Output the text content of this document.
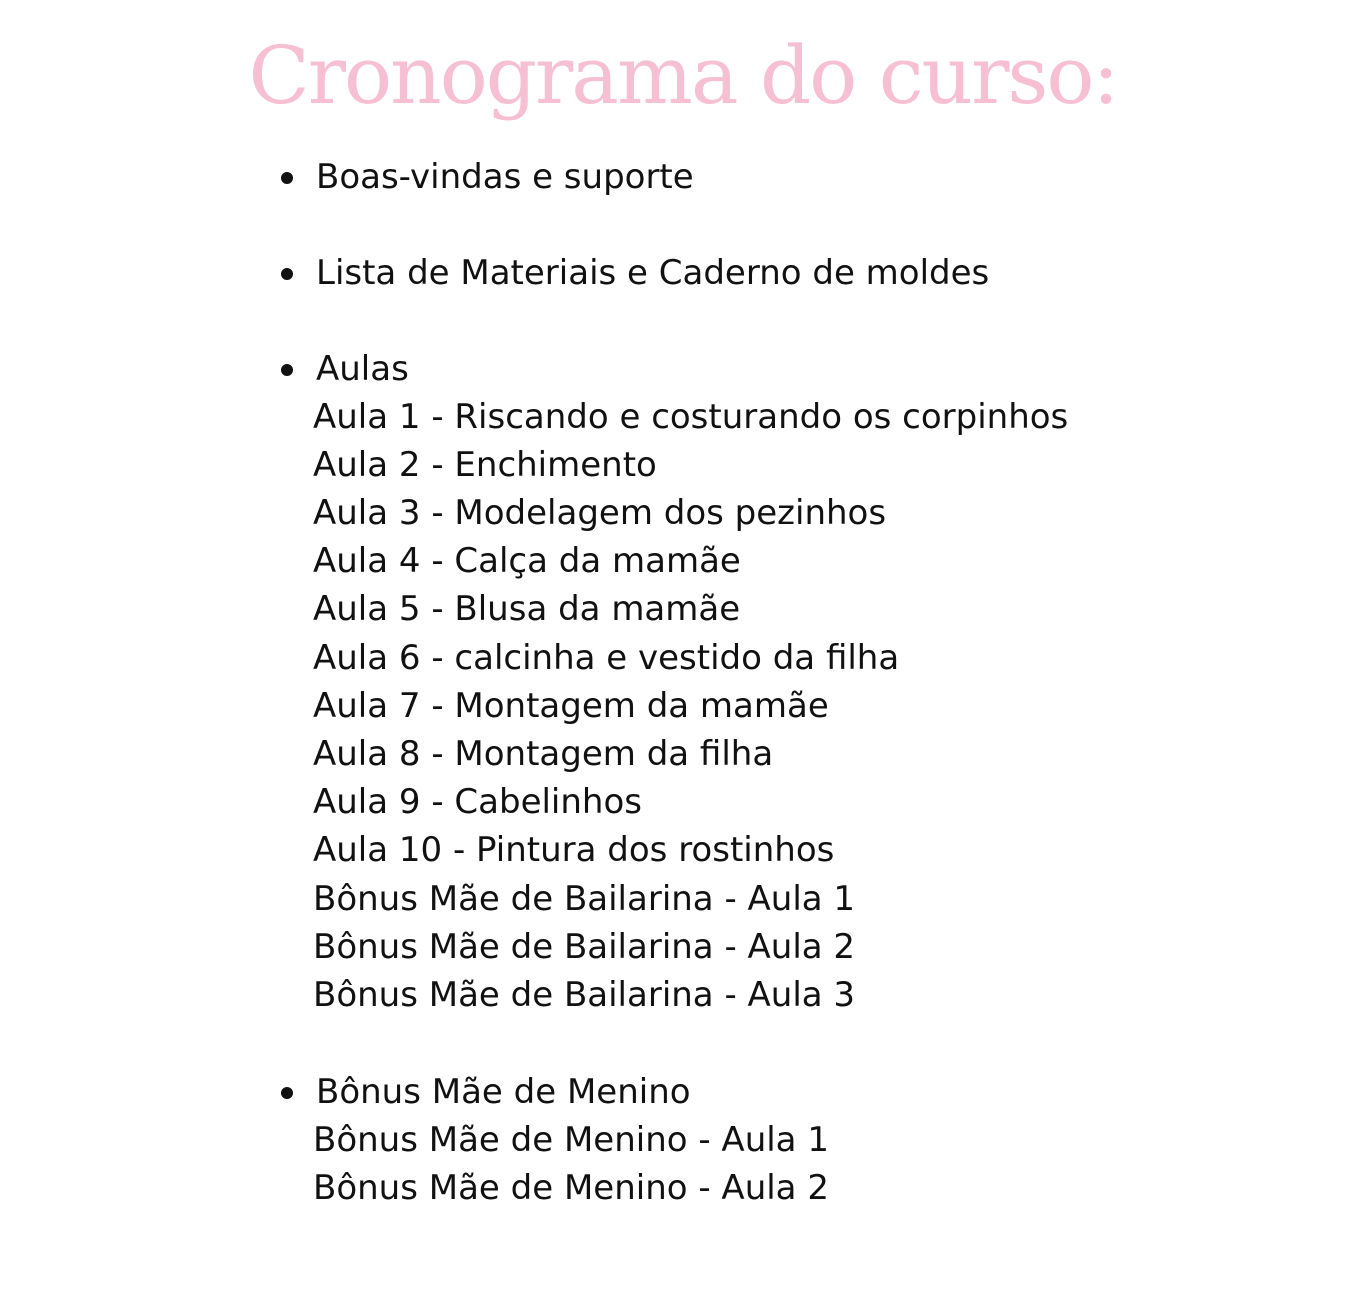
Cronograma do curso:

Boas-vindas e suporte

Lista de Materiais e Caderno de moldes

Aulas

Aula 1 - Riscando e costurando os corpinhos

Aula 2 - Enchimento

Aula 3 - Modelagem dos pezinhos

Aula 4 - Calça da mamãe

Aula 5 - Blusa da mamãe

Aula 6 - calcinha e vestido da filha

Aula 7 - Montagem da mamãe

Aula 8 - Montagem da filha

Aula 9 - Cabelinhos

Aula 10 - Pintura dos rostinhos

Bônus Mãe de Bailarina - Aula 1

Bônus Mãe de Bailarina - Aula 2

Bônus Mãe de Bailarina - Aula 3

Bônus Mãe de Menino

Bônus Mãe de Menino - Aula 1

Bônus Mãe de Menino - Aula 2
